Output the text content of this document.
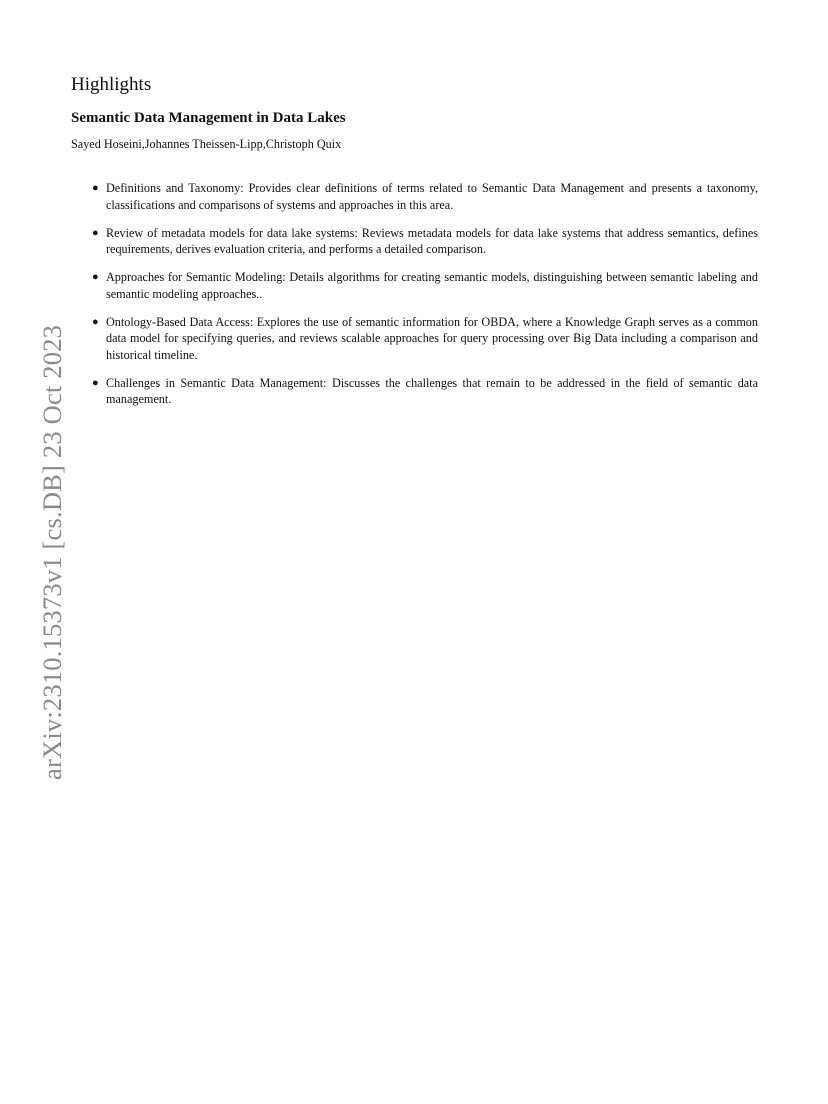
Highlights
Semantic Data Management in Data Lakes

Sayed Hoseini,Johannes Theissen-Lipp,Christoph Quix

● Definitions and Taxonomy: Provides clear definitions of terms related to Semantic Data Management and presents a taxonomy, classifications and comparisons of systems and approaches in this area.
● Review of metadata models for data lake systems: Reviews metadata models for data lake systems that address semantics, defines requirements, derives evaluation criteria, and performs a detailed comparison.
● Approaches for Semantic Modeling: Details algorithms for creating semantic models, distinguishing between semantic labeling and semantic modeling approaches..
● Ontology-Based Data Access: Explores the use of semantic information for OBDA, where a Knowledge Graph serves as a common data model for specifying queries, and reviews scalable approaches for query processing over Big Data including a comparison and historical timeline.
● Challenges in Semantic Data Management: Discusses the challenges that remain to be addressed in the field of semantic data management.
arXiv:2310.15373v1 [cs.DB] 23 Oct 2023
